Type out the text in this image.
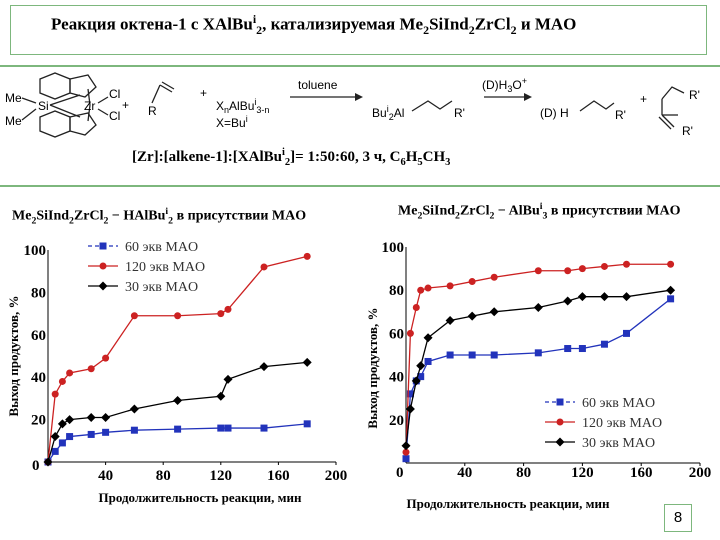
Реакция октена-1 с XAlBu$^i_2$, катализируемая $Me_2SiInd_2ZrCl_2$ и MAO
Me
Si
Me
Zr
Cl
Cl
+ R
+
$X_nAlBu^i_{3-n}$
$X=Bu^i$
toluene
$Bu^i_2Al$	R'
$(D)H_3O^+$
(D) H	R'
+	R'
R'
[Zr]:[alkene-1]:[XAlBu$^i_2$]= 1:50:60, 3 ч, $C_6H_5CH_3$
$Me_2SiInd_2ZrCl_2$ − HAlBu$^i_2$ в присутствии MAO	$Me_2SiInd_2ZrCl_2$ − AlBu$^i_3$ в присутствии MAO
20
40
60
80
100
0
40	80	120 160 200
Продолжительность реакции, мин
Выход продуктов, %
60 экв MAO
120 экв MAO
30 экв MAO
20
40
60
80
100
0	40	80	120 160 200
Продолжительность реакции, мин
Выход продуктов, %	60 экв MAO
120 экв MAO
30 экв MAO
8
